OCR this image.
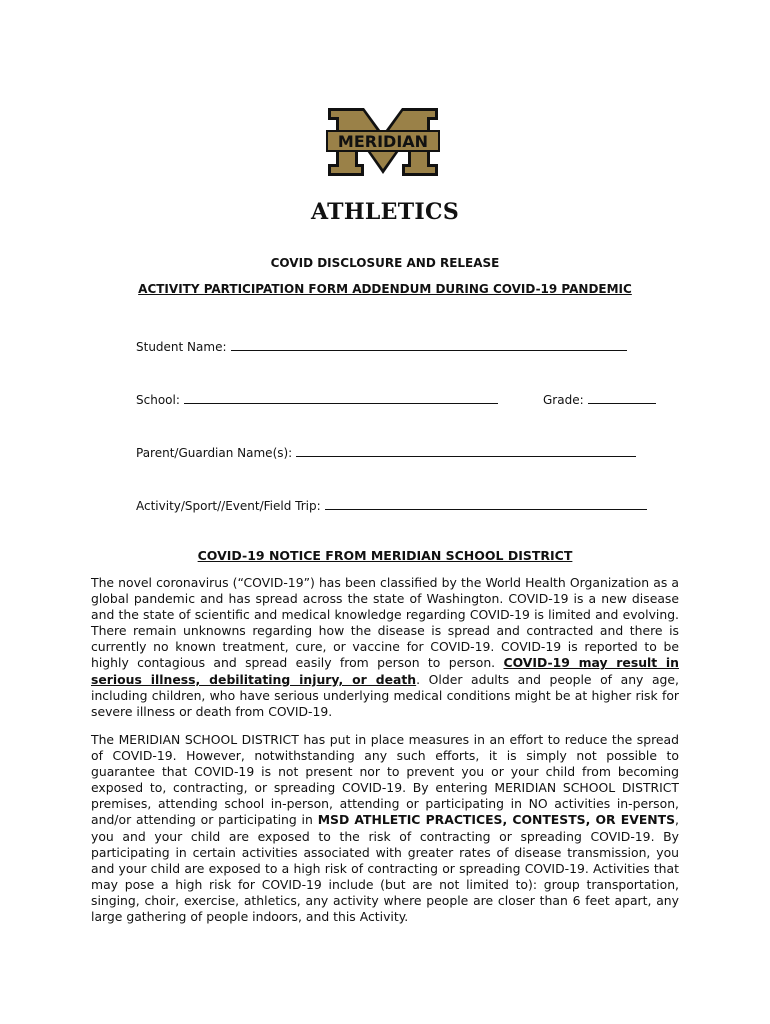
MERIDIAN
ATHLETICS
COVID DISCLOSURE AND RELEASE
ACTIVITY PARTICIPATION FORM ADDENDUM DURING COVID-19 PANDEMIC
Student Name:
School:	Grade:
Parent/Guardian Name(s):
Activity/Sport//Event/Field Trip:
COVID-19 NOTICE FROM MERIDIAN SCHOOL DISTRICT
The novel coronavirus (“COVID-19”) has been classified by the World Health Organization as a global pandemic and has spread across the state of Washington. COVID-19 is a new disease and the state of scientific and medical knowledge regarding COVID-19 is limited and evolving. There remain unknowns regarding how the disease is spread and contracted and there is currently no known treatment, cure, or vaccine for COVID-19. COVID-19 is reported to be highly contagious and spread easily from person to person. COVID-19 may result in serious illness, debilitating injury, or death. Older adults and people of any age, including children, who have serious underlying medical conditions might be at higher risk for severe illness or death from COVID-19.
The MERIDIAN SCHOOL DISTRICT has put in place measures in an effort to reduce the spread of COVID-19. However, notwithstanding any such efforts, it is simply not possible to guarantee that COVID-19 is not present nor to prevent you or your child from becoming exposed to, contracting, or spreading COVID-19. By entering MERIDIAN SCHOOL DISTRICT premises, attending school in-person, attending or participating in NO activities in-person, and/or attending or participating in MSD ATHLETIC PRACTICES, CONTESTS, OR EVENTS, you and your child are exposed to the risk of contracting or spreading COVID-19. By participating in certain activities associated with greater rates of disease transmission, you and your child are exposed to a high risk of contracting or spreading COVID-19. Activities that may pose a high risk for COVID-19 include (but are not limited to): group transportation, singing, choir, exercise, athletics, any activity where people are closer than 6 feet apart, any large gathering of people indoors, and this Activity.
